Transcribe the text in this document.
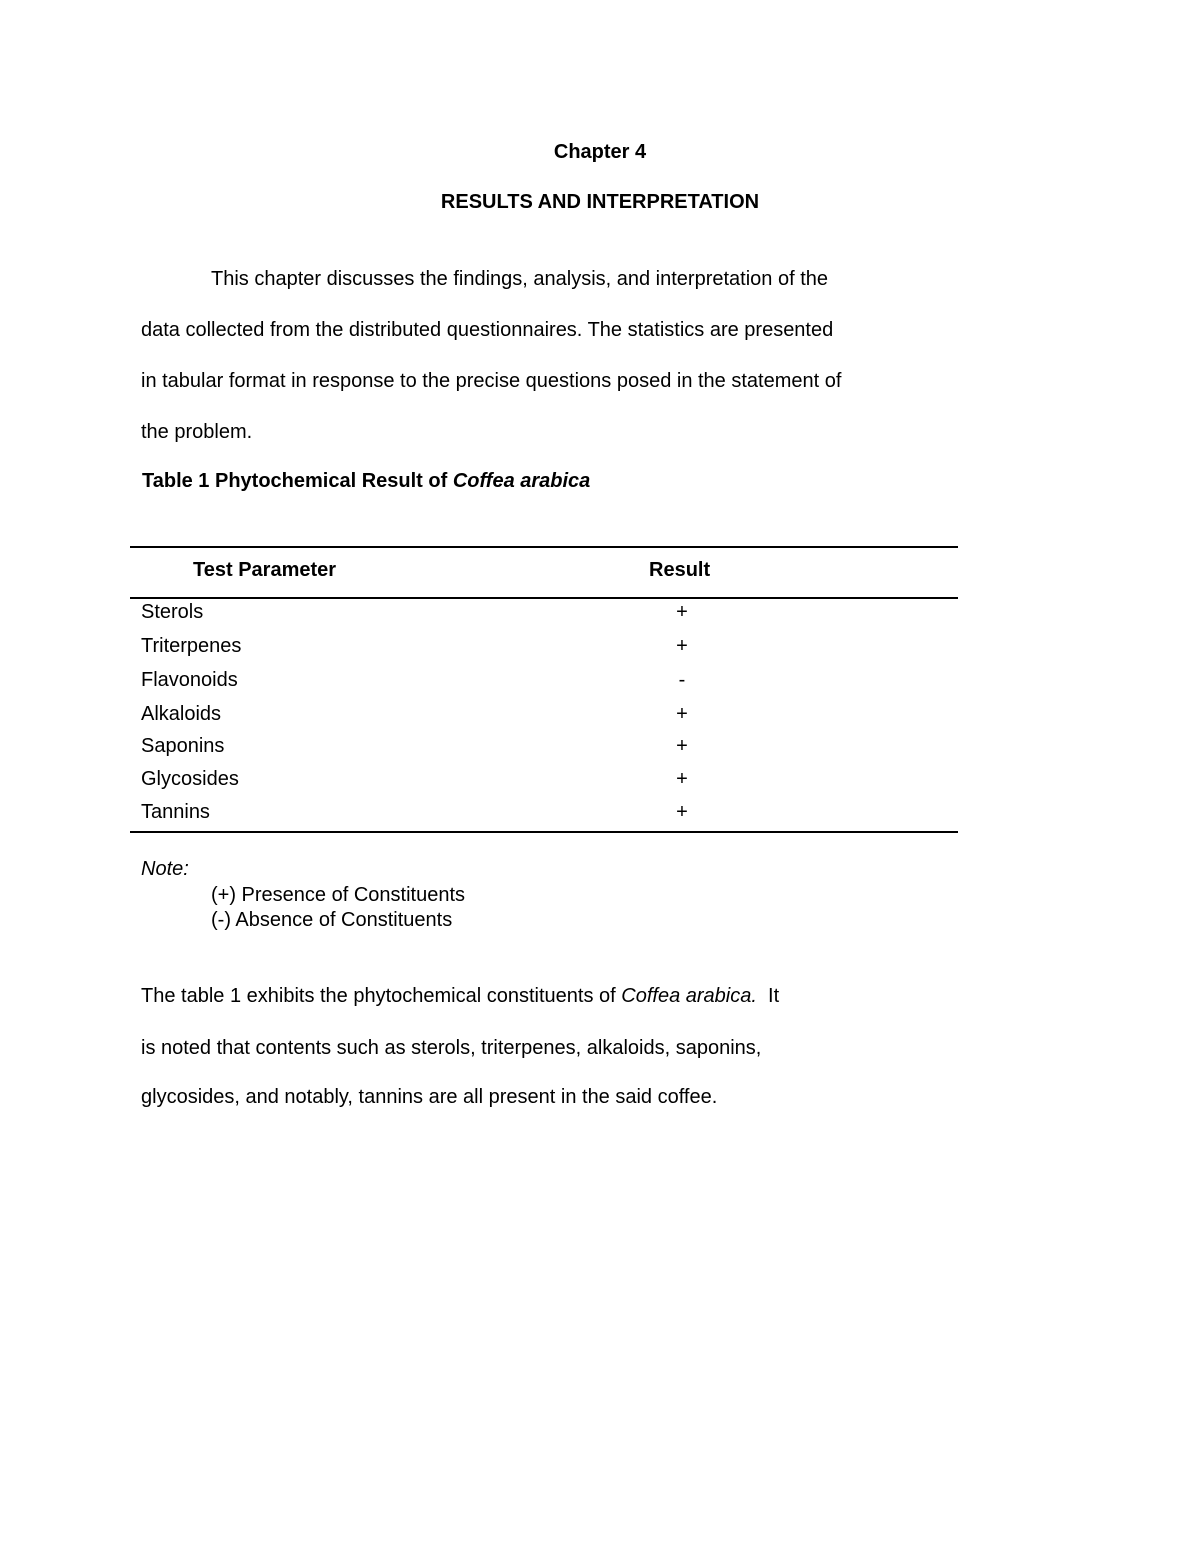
Chapter 4
RESULTS AND INTERPRETATION
This chapter discusses the findings, analysis, and interpretation of the
data collected from the distributed questionnaires. The statistics are presented
in tabular format in response to the precise questions posed in the statement of
the problem.
Table 1 Phytochemical Result of Coffea arabica
Test Parameter	Result
Sterols	+
Triterpenes	+
Flavonoids	-
Alkaloids	+
Saponins	+
Glycosides	+
Tannins	+
Note:
(+) Presence of Constituents
(-) Absence of Constituents
The table 1 exhibits the phytochemical constituents of Coffea arabica.  It
is noted that contents such as sterols, triterpenes, alkaloids, saponins,
glycosides, and notably, tannins are all present in the said coffee.
